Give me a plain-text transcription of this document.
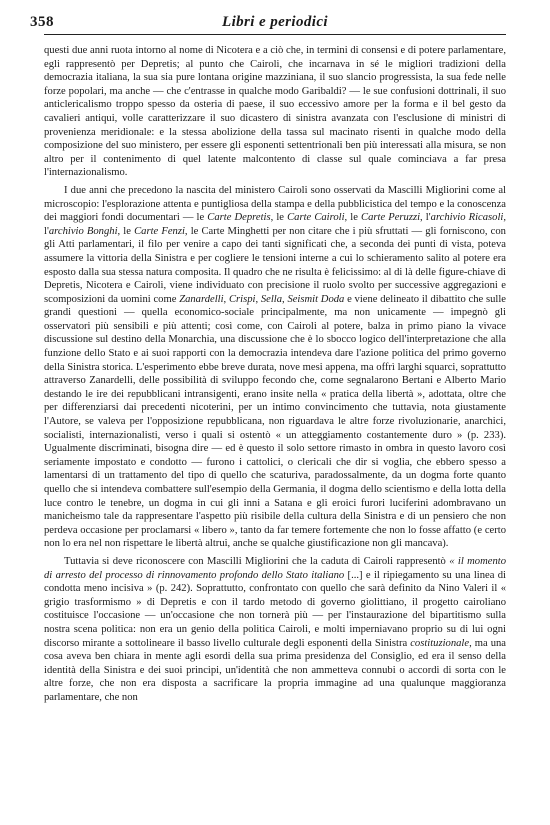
358	Libri e periodici

questi due anni ruota intorno al nome di Nicotera e a ciò che, in termini di consensi e di potere parlamentare, egli rappresentò per Depretis; al punto che Cairoli, che incarnava in sé le migliori tradizioni della democrazia italiana, la sua sia pure lontana origine mazziniana, il suo slancio progressista, la sua fede nelle forze popolari, ma anche — che c'entrasse in qualche modo Garibaldi? — le sue confusioni dottrinali, il suo anticlericalismo troppo spesso da osteria di paese, il suo eccessivo amore per la forma e il bel gesto da cavalieri antiqui, volle caratterizzare il suo dicastero di sinistra avanzata con l'esclusione di ministri di provenienza meridionale: e la stessa abolizione della tassa sul macinato risenti in qualche modo della composizione del suo ministero, per essere gli esponenti settentrionali ben più interessati alla misura, se non altro per il contenimento di quel latente malcontento di classe sul quale cominciava a far presa l'internazionalismo.

I due anni che precedono la nascita del ministero Cairoli sono osservati da Mascilli Migliorini come al microscopio: l'esplorazione attenta e puntigliosa della stampa e della pubblicistica del tempo e la conoscenza dei maggiori fondi documentari — le Carte Depretis, le Carte Cairoli, le Carte Peruzzi, l'archivio Ricasoli, l'archivio Bonghi, le Carte Fenzi, le Carte Minghetti per non citare che i più sfruttati — gli forniscono, con gli Atti parlamentari, il filo per venire a capo dei tanti significati che, a seconda dei punti di vista, poteva assumere la vittoria della Sinistra e per cogliere le tensioni interne a cui lo schieramento salito al potere era esposto dalla sua stessa natura composita. Il quadro che ne risulta è felicissimo: al di là delle figure-chiave di Depretis, Nicotera e Cairoli, viene individuato con precisione il ruolo svolto per successive aggregazioni e scomposizioni da uomini come Zanardelli, Crispi, Sella, Seismit Doda e viene delineato il dibattito che sulle grandi questioni — quella economico-sociale principalmente, ma non unicamente — impegnò gli osservatori più sensibili e più attenti; così come, con Cairoli al potere, balza in primo piano la vivace discussione sul destino della Monarchia, una discussione che è lo sbocco logico dell'interpretazione che alla funzione dello Stato e ai suoi rapporti con la democrazia intendeva dare l'azione politica del primo governo della Sinistra storica. L'esperimento ebbe breve durata, nove mesi appena, ma offrì larghi squarci, soprattutto attraverso Zanardelli, delle possibilità di sviluppo fecondo che, come segnalarono Bertani e Alberto Mario destando le ire dei repubblicani intransigenti, erano insite nella « pratica della libertà », adottata, oltre che per differenziarsi dai precedenti nicoterini, per un intimo convincimento che tuttavia, nota giustamente l'Autore, se valeva per l'opposizione repubblicana, non riguardava le altre forze rivoluzionarie, anarchici, socialisti, internazionalisti, verso i quali si ostentò « un atteggiamento costantemente duro » (p. 233). Ugualmente discriminati, bisogna dire — ed è questo il solo settore rimasto in ombra in questo lavoro così seriamente impostato e condotto — furono i cattolici, o clericali che dir si voglia, che ebbero spesso a lamentarsi di un trattamento del tipo di quello che scaturiva, paradossalmente, da un dogma forte quanto quello che si intendeva combattere sull'esempio della Germania, il dogma dello scientismo e della lotta della luce contro le tenebre, un dogma in cui gli inni a Satana e gli eroici furori luciferini adombravano un manicheismo tale da rappresentare l'aspetto più risibile della cultura della Sinistra e di un pensiero che non perdeva occasione per proclamarsi « libero », tanto da far temere fortemente che non lo fosse affatto (e certo non lo era nel non rispettare le libertà altrui, anche se qualche giustificazione non gli mancava).

Tuttavia si deve riconoscere con Mascilli Migliorini che la caduta di Cairoli rappresentò « il momento di arresto del processo di rinnovamento profondo dello Stato italiano [...] e il ripiegamento su una linea di condotta meno incisiva » (p. 242). Soprattutto, confrontato con quello che sarà definito da Nino Valeri il « grigio trasformismo » di Depretis e con il tardo metodo di governo giolittiano, il progetto cairoliano costituisce l'occasione — un'occasione che non tornerà più — per l'instaurazione del bipartitismo sulla nostra scena politica: non era un genio della politica Cairoli, e molti imperniavano proprio su di lui ogni discorso mirante a sottolineare il basso livello culturale degli esponenti della Sinistra costituzionale, ma una cosa aveva ben chiara in mente agli esordi della sua prima presidenza del Consiglio, ed era il senso della identità della Sinistra e dei suoi principi, un'identità che non ammetteva connubi o accordi di sorta con le altre forze, che non era disposta a sacrificare la propria immagine ad una qualunque maggioranza parlamentare, che non
